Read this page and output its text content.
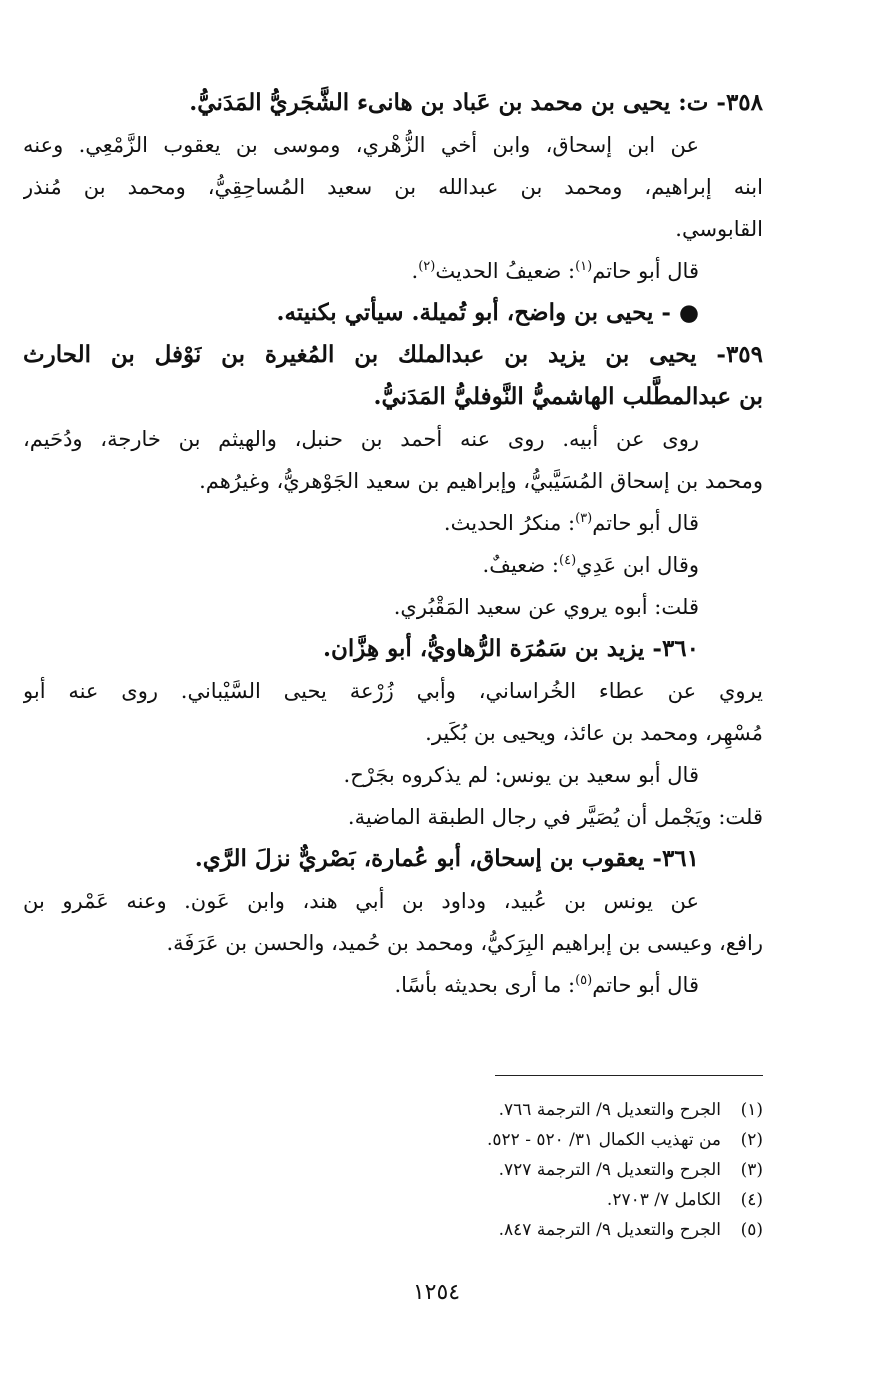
٣٥٨- ت: يحيى بن محمد بن عَباد بن هانىء الشَّجَريُّ المَدَنيُّ.
عن ابن إسحاق، وابن أخي الزُّهْري، وموسى بن يعقوب الزَّمْعِي. وعنه
ابنه إبراهيم، ومحمد بن عبدالله بن سعيد المُساحِقِيُّ، ومحمد بن مُنذر
القابوسي.
قال أبو حاتم$^{(١)}$: ضعيفُ الحديث$^{(٢)}$.
● - يحيى بن واضح، أبو تُميلة. سيأتي بكنيته.
٣٥٩- يحيى بن يزيد بن عبدالملك بن المُغيرة بن نَوْفل بن الحارث
بن عبدالمطَّلب الهاشميُّ النَّوفليُّ المَدَنيُّ.
روى عن أبيه. روى عنه أحمد بن حنبل، والهيثم بن خارجة، ودُحَيم،
ومحمد بن إسحاق المُسَيَّبيُّ، وإبراهيم بن سعيد الجَوْهريُّ، وغيرُهم.
قال أبو حاتم$^{(٣)}$: منكرُ الحديث.
وقال ابن عَدِي$^{(٤)}$: ضعيفٌ.
قلت: أبوه يروي عن سعيد المَقْبُري.
٣٦٠- يزيد بن سَمُرَة الرُّهاويُّ، أبو هِزَّان.
يروي عن عطاء الخُراساني، وأبي زُرْعة يحيى السَّيْباني. روى عنه أبو
مُسْهِر، ومحمد بن عائذ، ويحيى بن بُكَير.
قال أبو سعيد بن يونس: لم يذكروه بجَرْح.
قلت: ويَجْمل أن يُصَيَّر في رجال الطبقة الماضية.
٣٦١- يعقوب بن إسحاق، أبو عُمارة، بَصْريٌّ نزلَ الرَّي.
عن يونس بن عُبيد، وداود بن أبي هند، وابن عَون. وعنه عَمْرو بن
رافع، وعيسى بن إبراهيم البِرَكيُّ، ومحمد بن حُميد، والحسن بن عَرَفَة.
قال أبو حاتم$^{(٥)}$: ما أرى بحديثه بأسًا.
(١)الجرح والتعديل ٩/ الترجمة ٧٦٦.
(٢)من تهذيب الكمال ٣١/ ٥٢٠ - ٥٢٢.
(٣)الجرح والتعديل ٩/ الترجمة ٧٢٧.
(٤)الكامل ٧/ ٢٧٠٣.
(٥)الجرح والتعديل ٩/ الترجمة ٨٤٧.
١٢٥٤
